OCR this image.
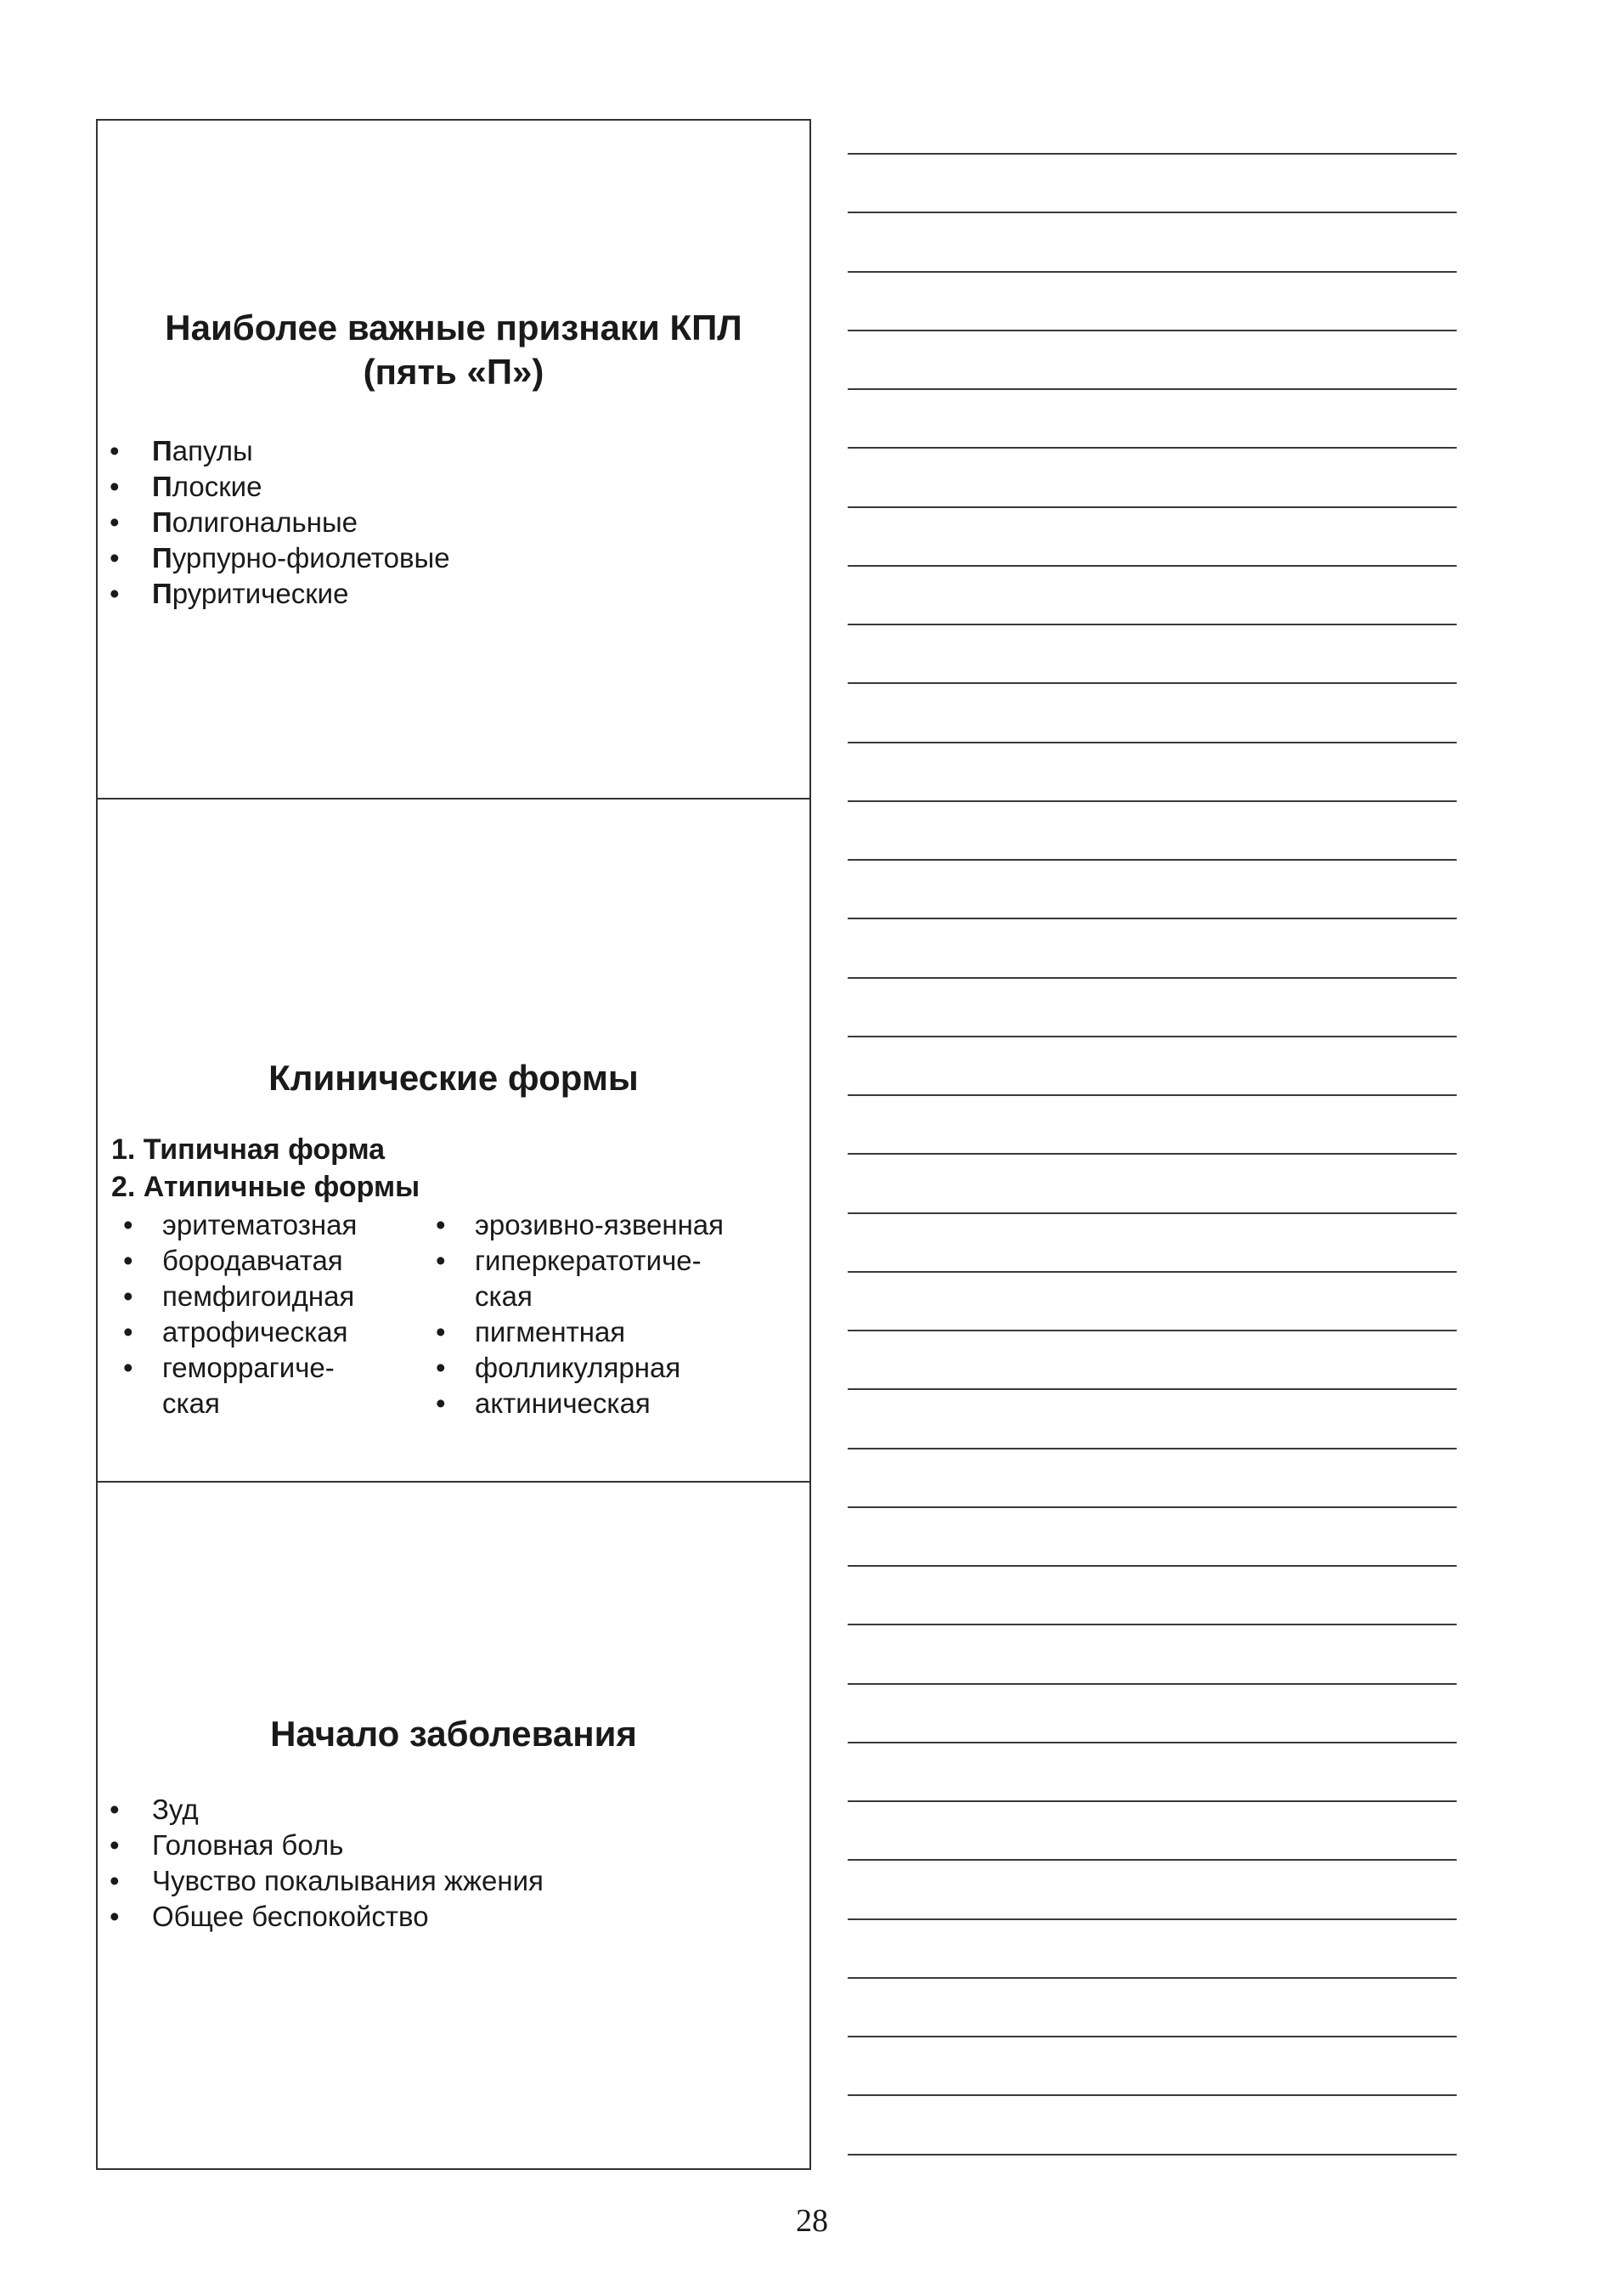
Наиболее важные признаки КПЛ
(пять «П»)
• Папулы
• Плоские
• Полигональные
• Пурпурно-фиолетовые
• Пруритические
Клинические формы
1. Типичная форма
2. Атипичные формы
• эритематозная
• бородавчатая
• пемфигоидная
• атрофическая
• геморрагиче-
ская
• эрозивно-язвенная
• гиперкератотиче-
ская
• пигментная
• фолликулярная
• актиническая
Начало заболевания
• Зуд
• Головная боль
• Чувство покалывания жжения
• Общее беспокойство
28
